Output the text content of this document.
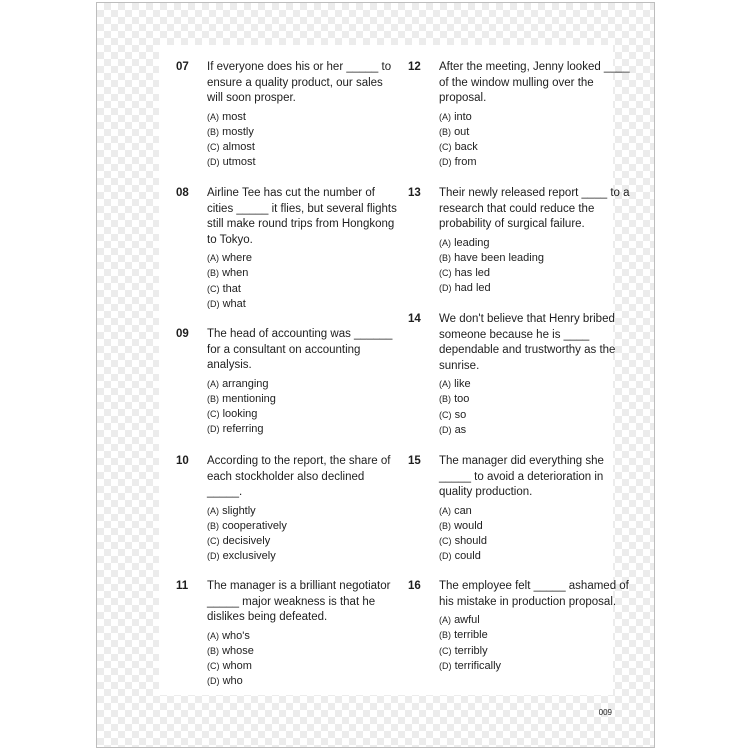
07	If everyone does his or her _____ to ensure a quality product, our sales will soon prosper.
(A) most
(B) mostly
(C) almost
(D) utmost
08	Airline Tee has cut the number of cities _____ it flies, but several flights still make round trips from Hongkong to Tokyo.
(A) where
(B) when
(C) that
(D) what
09	The head of accounting was ______ for a consultant on accounting analysis.
(A) arranging
(B) mentioning
(C) looking
(D) referring
10	According to the report, the share of each stockholder also declined _____.
(A) slightly
(B) cooperatively
(C) decisively
(D) exclusively
11	The manager is a brilliant negotiator _____ major weakness is that he dislikes being defeated.
(A) who's
(B) whose
(C) whom
(D) who
12	After the meeting, Jenny looked ____ of the window mulling over the proposal.
(A) into
(B) out
(C) back
(D) from
13	Their newly released report ____ to a research that could reduce the probability of surgical failure.
(A) leading
(B) have been leading
(C) has led
(D) had led
14	We don't believe that Henry bribed someone because he is ____ dependable and trustworthy as the sunrise.
(A) like
(B) too
(C) so
(D) as
15	The manager did everything she _____ to avoid a deterioration in quality production.
(A) can
(B) would
(C) should
(D) could
16	The employee felt _____ ashamed of his mistake in production proposal.
(A) awful
(B) terrible
(C) terribly
(D) terrifically
009
